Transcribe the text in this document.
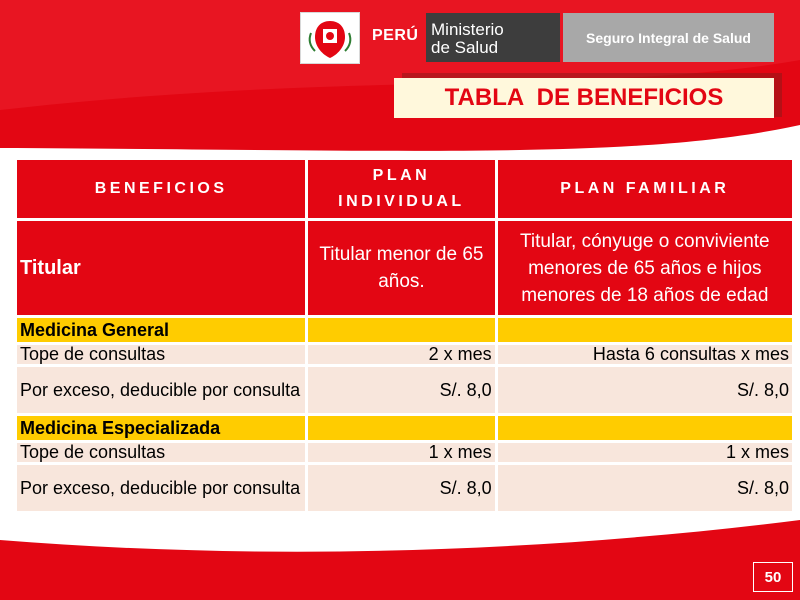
PERÚ Ministerio
de Salud
Seguro Integral de Salud
TABLA  DE BENEFICIOS
BENEFICIOS	PLAN INDIVIDUAL	PLAN FAMILIAR
Titular	Titular menor de 65 años.	Titular, cónyuge o conviviente menores de 65 años e hijos menores de 18 años de edad
Medicina General		
Tope de consultas	2 x mes	Hasta 6 consultas x mes
Por exceso, deducible por consulta	S/. 8,0	S/. 8,0
Medicina Especializada		
Tope de consultas	1 x mes	1 x mes
Por exceso, deducible por consulta	S/. 8,0	S/. 8,0
50
